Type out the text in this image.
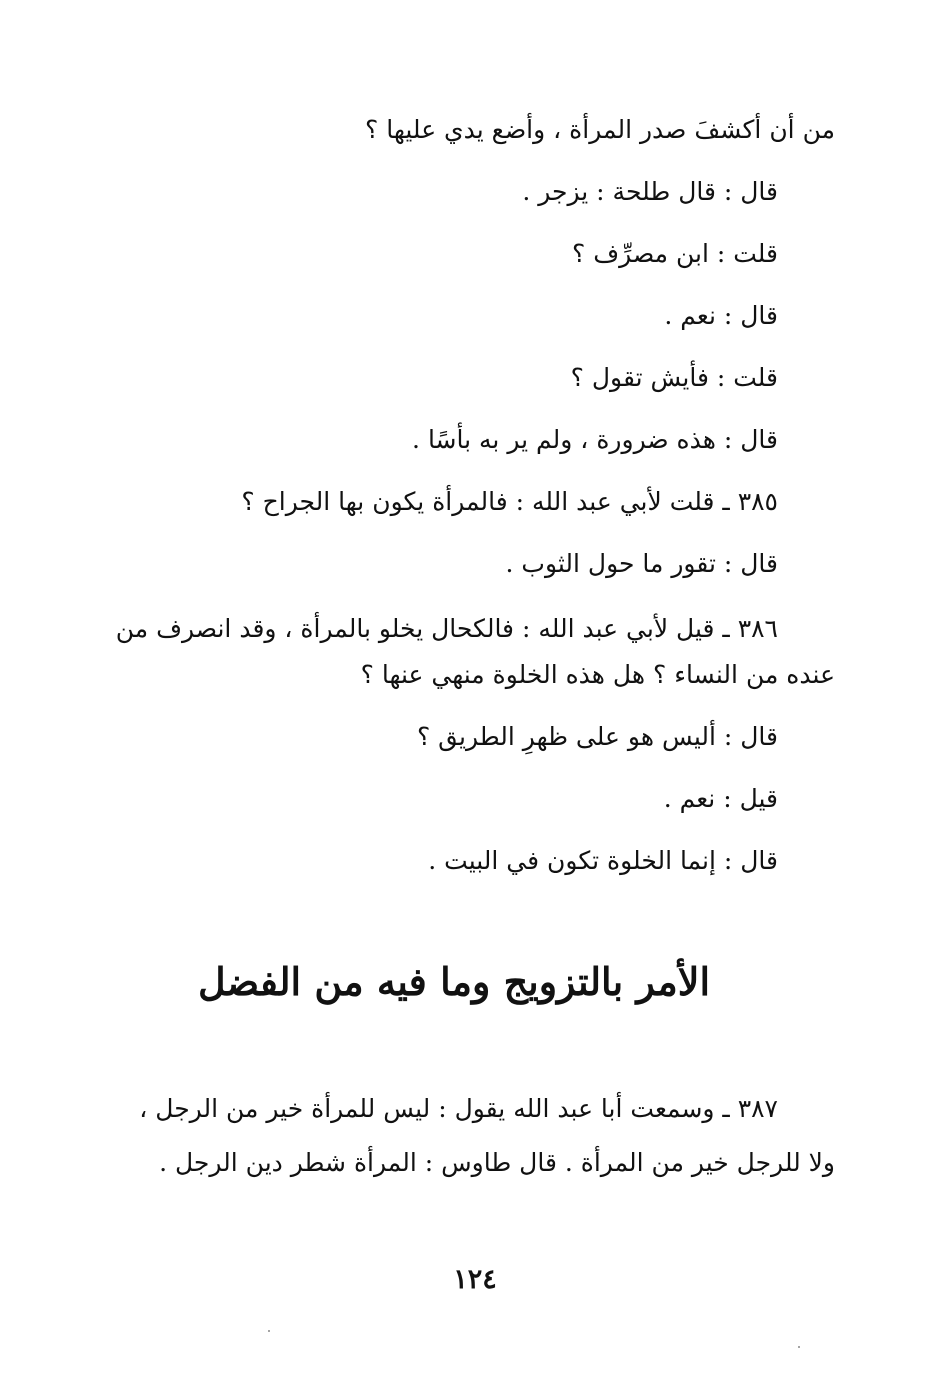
من أن أكشفَ صدر المرأة ، وأضع يدي عليها ؟
قال : قال طلحة : يزجر .
قلت : ابن مصرِّف ؟
قال : نعم .
قلت : فأيش تقول ؟
قال : هذه ضرورة ، ولم ير به بأسًا .
٣٨٥ ـ قلت لأبي عبد الله : فالمرأة يكون بها الجراح ؟
قال : تقور ما حول الثوب .
٣٨٦ ـ قيل لأبي عبد الله : فالكحال يخلو بالمرأة ، وقد انصرف من
عنده من النساء ؟ هل هذه الخلوة منهي عنها ؟
قال : أليس هو على ظهرِ الطريق ؟
قيل : نعم .
قال : إنما الخلوة تكون في البيت .
الأمر بالتزويج وما فيه من الفضل
٣٨٧ ـ وسمعت أبا عبد الله يقول : ليس للمرأة خير من الرجل ،
ولا للرجل خير من المرأة . قال طاوس : المرأة شطر دين الرجل .
١٢٤
